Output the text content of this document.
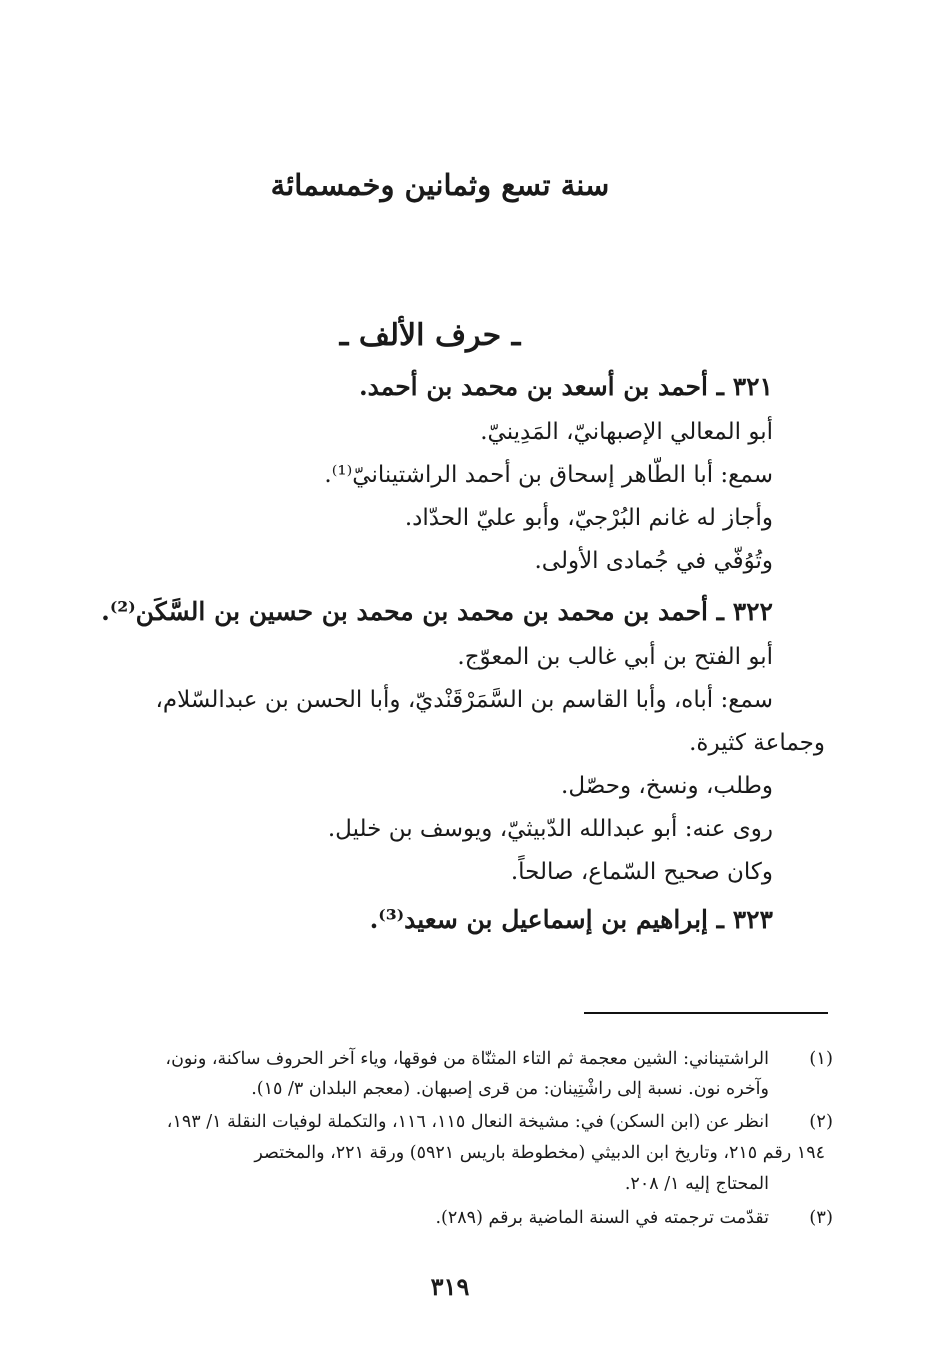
سنة تسع وثمانين وخمسمائة
ـ حرف الألف ـ
٣٢١ ـ أحمد بن أسعد بن محمد بن أحمد.
أبو المعالي الإصبهانيّ، المَدِينيّ.
سمع: أبا الطّاهر إسحاق بن أحمد الراشتينانيّ⁽¹⁾.
وأجاز له غانم البُرْجيّ، وأبو عليّ الحدّاد.
وتُوُفّي في جُمادى الأولى.
٣٢٢ ـ أحمد بن محمد بن محمد بن محمد بن حسين بن السَّكَن⁽²⁾.
أبو الفتح بن أبي غالب بن المعوّج.
سمع: أباه، وأبا القاسم بن السَّمَرْقَنْديّ، وأبا الحسن بن عبدالسّلام،
وجماعة كثيرة.
وطلب، ونسخ، وحصّل.
روى عنه: أبو عبدالله الدّبيثيّ، ويوسف بن خليل.
وكان صحيح السّماع، صالحاً.
٣٢٣ ـ إبراهيم بن إسماعيل بن سعيد⁽³⁾.
(١)
الراشتيناني: الشين معجمة ثم التاء المثنّاة من فوقها، وياء آخر الحروف ساكنة، ونون،
وآخره نون. نسبة إلى راشْتِينان: من قرى إصبهان. (معجم البلدان ٣/ ١٥).
(٢)
انظر عن (ابن السكن) في: مشيخة النعال ١١٥، ١١٦، والتكملة لوفيات النقلة ١/ ١٩٣،
١٩٤ رقم ٢١٥، وتاريخ ابن الدبيثي (مخطوطة باريس ٥٩٢١) ورقة ٢٢١، والمختصر
المحتاج إليه ١/ ٢٠٨.
(٣)
تقدّمت ترجمته في السنة الماضية برقم (٢٨٩).
٣١٩
